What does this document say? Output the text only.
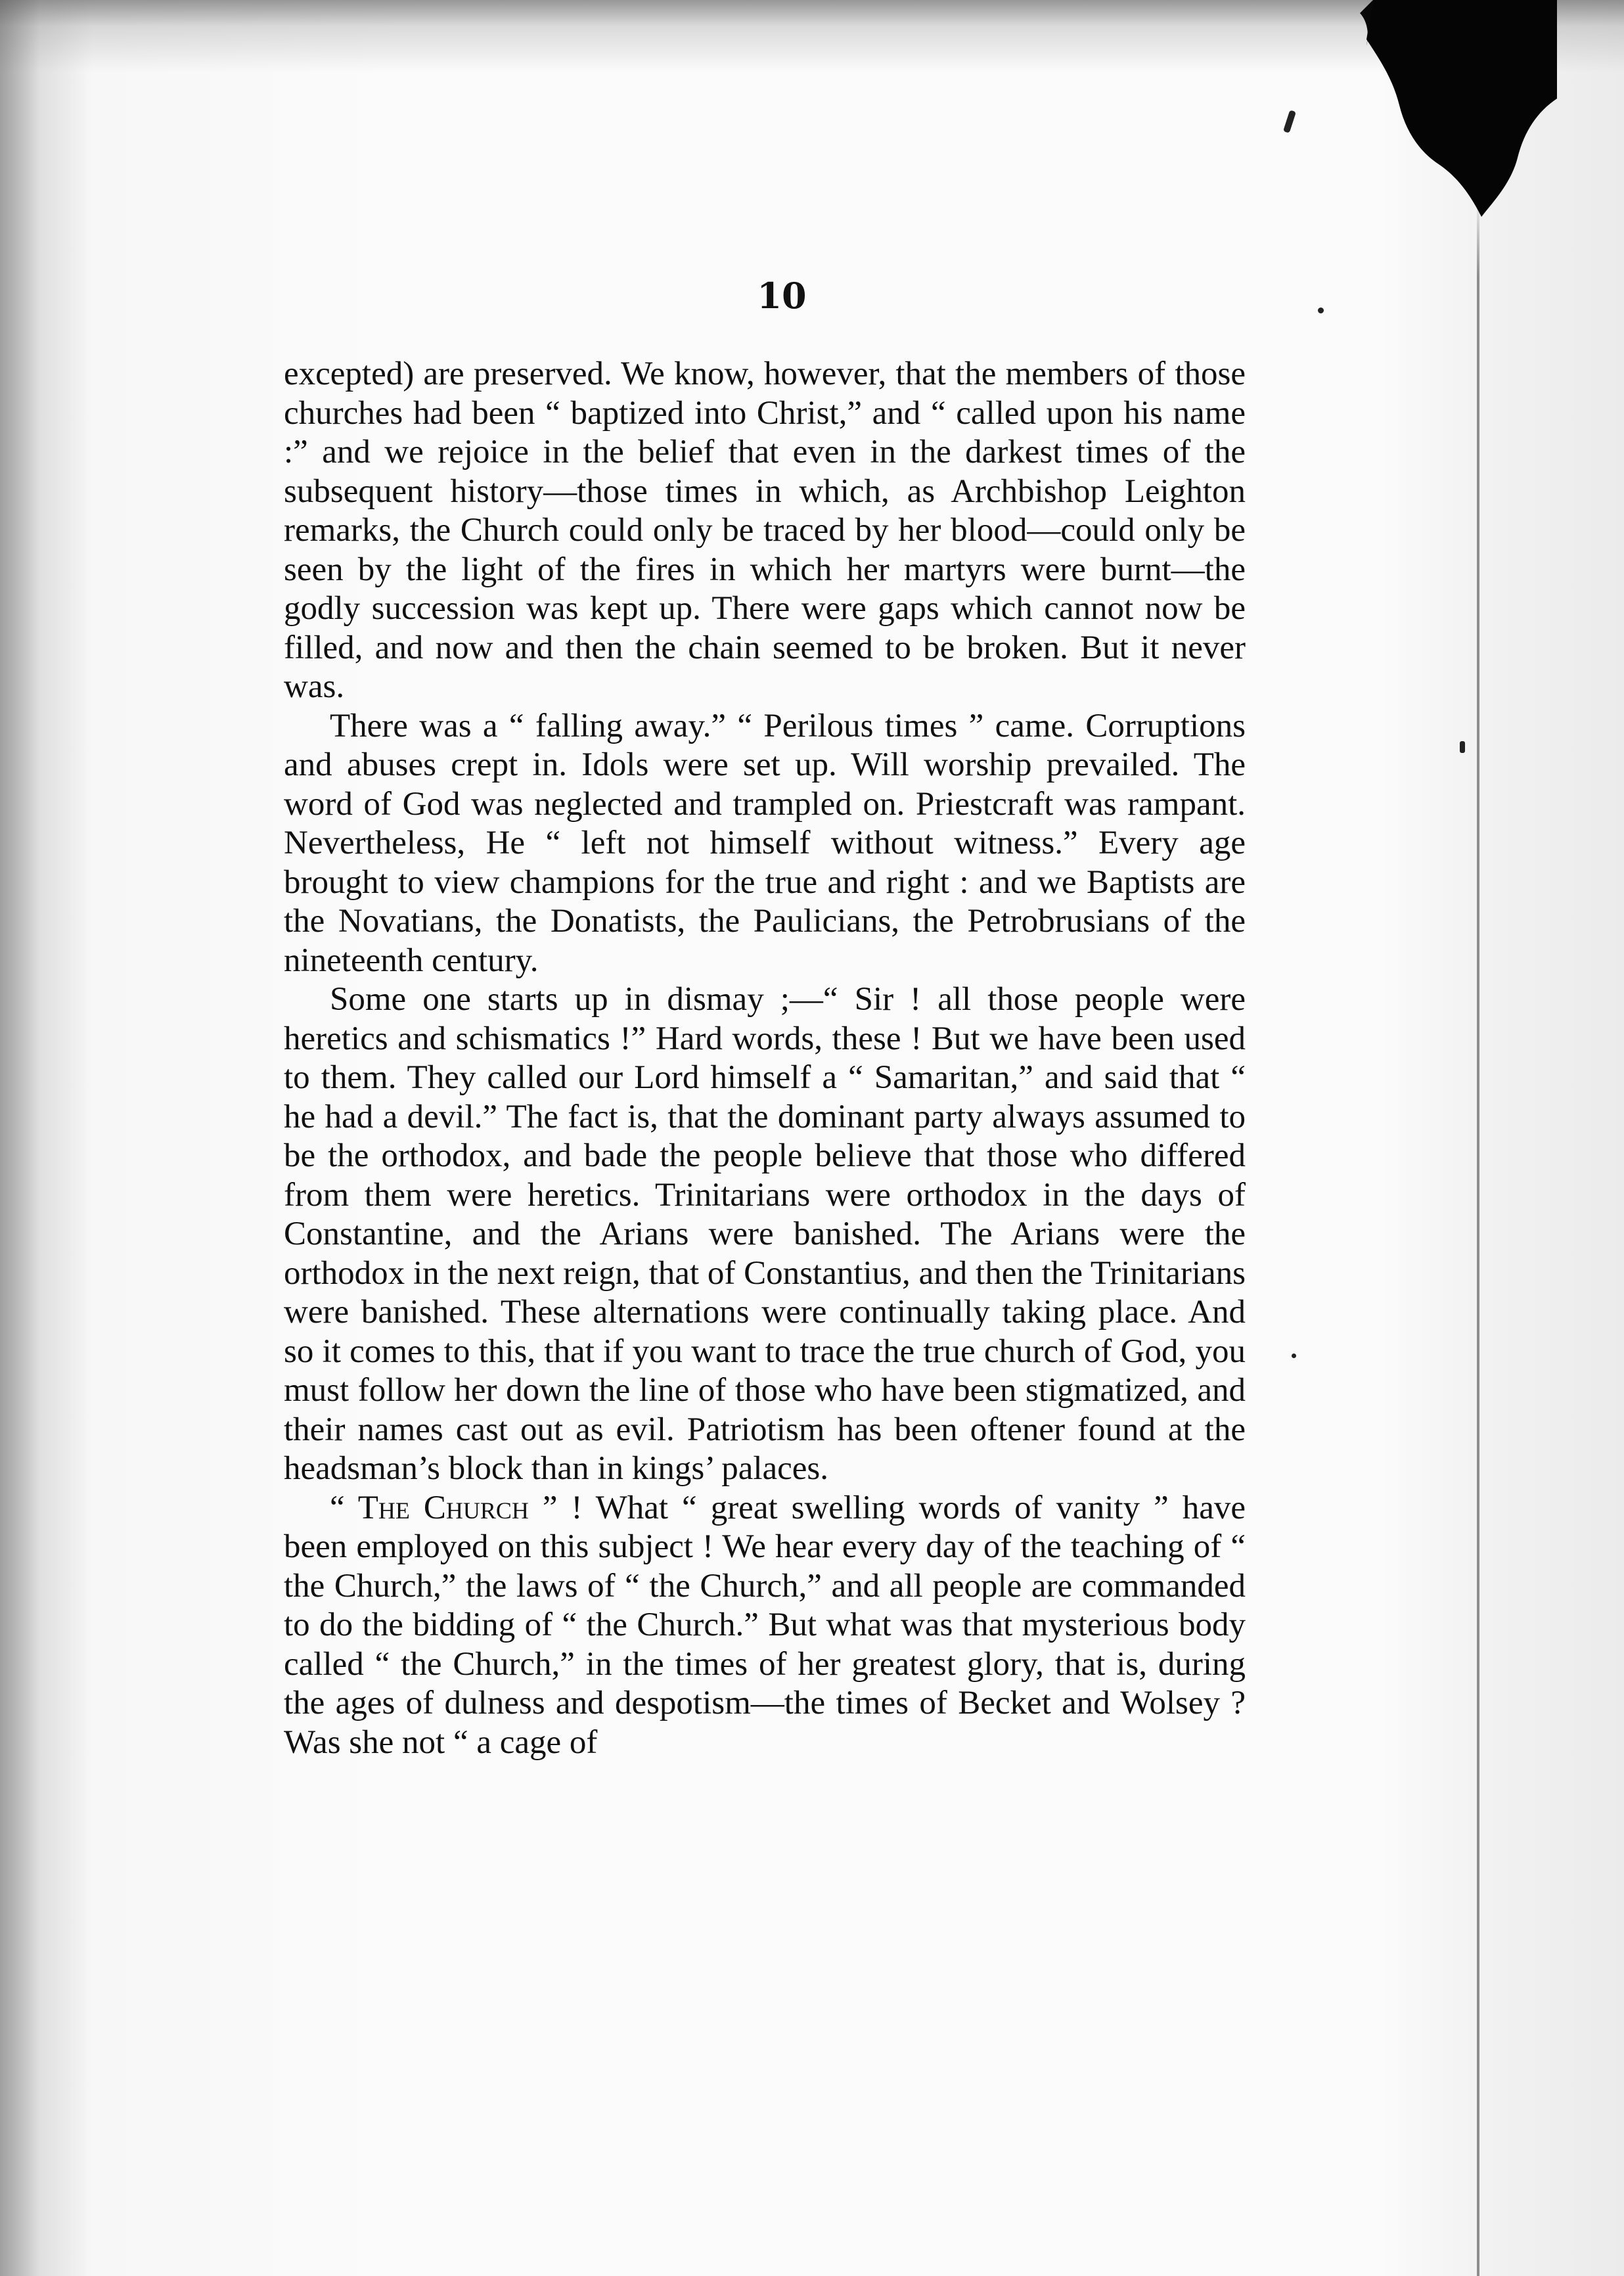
10

excepted) are preserved. We know, however, that the members of those churches had been “ baptized into Christ,” and “ called upon his name :” and we rejoice in the belief that even in the darkest times of the subsequent history—those times in which, as Archbishop Leighton remarks, the Church could only be traced by her blood—could only be seen by the light of the fires in which her martyrs were burnt—the godly succession was kept up. There were gaps which cannot now be filled, and now and then the chain seemed to be broken. But it never was.

There was a “ falling away.” “ Perilous times ” came. Corruptions and abuses crept in. Idols were set up. Will worship prevailed. The word of God was neglected and trampled on. Priestcraft was rampant. Nevertheless, He “ left not himself without witness.” Every age brought to view champions for the true and right : and we Baptists are the Novatians, the Donatists, the Paulicians, the Petrobrusians of the nineteenth century.

Some one starts up in dismay ;—“ Sir ! all those people were heretics and schismatics !” Hard words, these ! But we have been used to them. They called our Lord himself a “ Samaritan,” and said that “ he had a devil.” The fact is, that the dominant party always assumed to be the orthodox, and bade the people believe that those who differed from them were heretics. Trinitarians were orthodox in the days of Constantine, and the Arians were banished. The Arians were the orthodox in the next reign, that of Constantius, and then the Trinitarians were banished. These alternations were continually taking place. And so it comes to this, that if you want to trace the true church of God, you must follow her down the line of those who have been stigmatized, and their names cast out as evil. Patriotism has been oftener found at the headsman’s block than in kings’ palaces.

“ The Church ” ! What “ great swelling words of vanity ” have been employed on this subject ! We hear every day of the teaching of “ the Church,” the laws of “ the Church,” and all people are commanded to do the bidding of “ the Church.” But what was that mysterious body called “ the Church,” in the times of her greatest glory, that is, during the ages of dulness and despotism—the times of Becket and Wolsey ? Was she not “ a cage of
